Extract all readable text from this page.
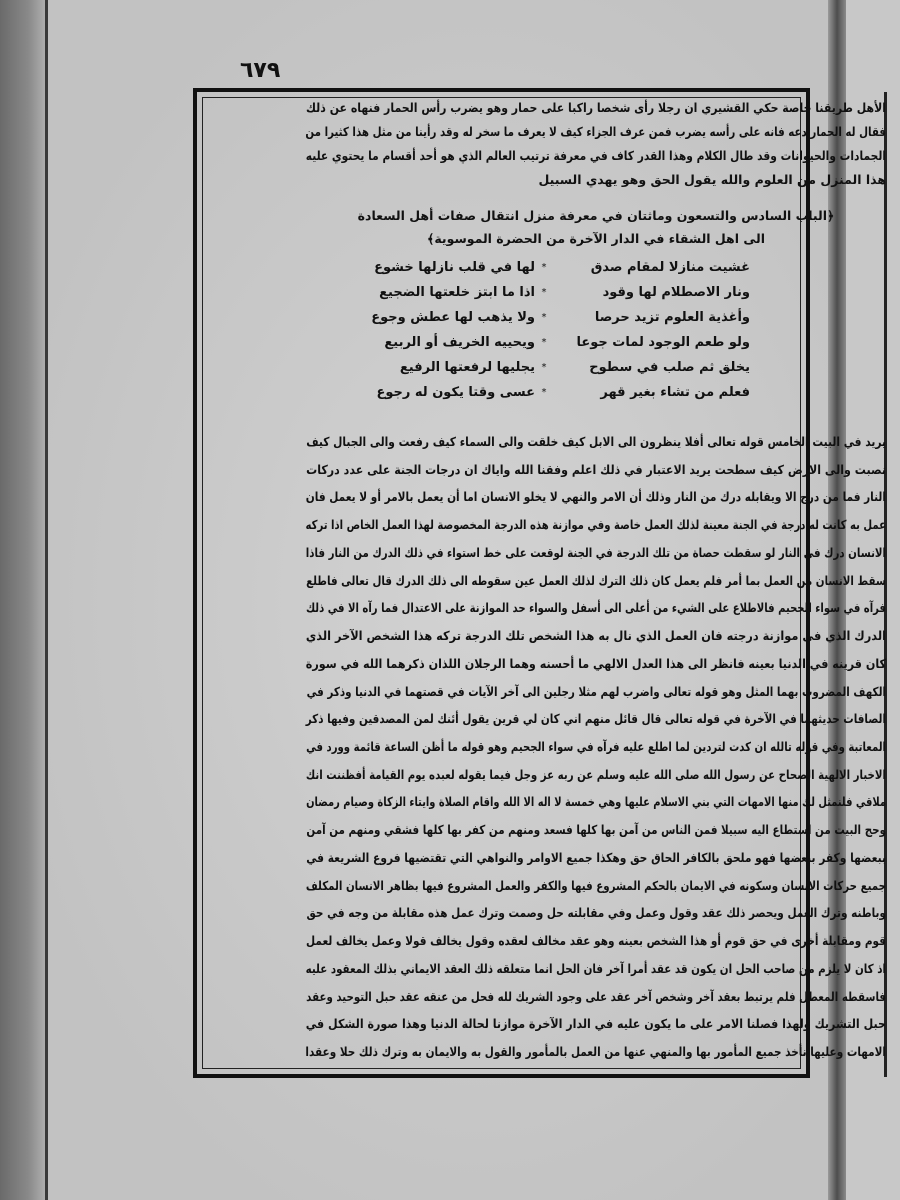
٦٧٩
الأهل طريقنا خاصة حكي القشيري ان رجلا رأى شخصا راكبا على حمار وهو يضرب رأس الحمار فنهاه عن ذلك
فقال له الحمار دعه فانه على رأسه يضرب فمن عرف الجزاء كيف لا يعرف ما سخر له وقد رأينا من مثل هذا كثيرا من
الجمادات والحيوانات وقد طال الكلام وهذا القدر كاف في معرفة ترتيب العالم الذي هو أحد أقسام ما يحتوي عليه
هذا المنزل من العلوم والله يقول الحق وهو يهدي السبيل
﴿الباب السادس والتسعون وماثتان في معرفة منزل انتقال صفات أهل السعادة
الى اهل الشقاء في الدار الآخرة من الحضرة الموسوية﴾
غشيت منازلا لمقام صدق
لها في قلب نازلها خشوع *
ونار الاصطلام لها وقود
اذا ما ابتز خلعتها الضجيع *
وأغذية العلوم تزيد حرصا
ولا يذهب لها عطش وجوع *
ولو طعم الوجود لمات جوعا
ويحييه الخريف أو الربيع *
يخلق ثم صلب في سطوح
يجليها لرفعتها الرفيع *
فعلم من تشاء بغير قهر
عسى وقتا يكون له رجوع *
يريد في البيت الخامس قوله تعالى أفلا ينظرون الى الابل كيف خلقت والى السماء كيف رفعت والى الجبال كيف
نصبت والى الارض كيف سطحت يريد الاعتبار في ذلك اعلم وفقنا الله واياك ان درجات الجنة على عدد دركات
النار فما من درج الا ويقابله درك من النار وذلك أن الامر والنهي لا يخلو الانسان اما أن يعمل بالامر أو لا يعمل فان
عمل به كانت له درجة في الجنة معينة لذلك العمل خاصة وفي موازنة هذه الدرجة المخصوصة لهذا العمل الخاص اذا تركه
الانسان درك في النار لو سقطت حصاة من تلك الدرجة في الجنة لوقعت على خط استواء في ذلك الدرك من النار فاذا
سقط الانسان من العمل بما أمر فلم يعمل كان ذلك الترك لذلك العمل عين سقوطه الى ذلك الدرك قال تعالى فاطلع
فرآه في سواء الجحيم فالاطلاع على الشيء من أعلى الى أسفل والسواء حد الموازنة على الاعتدال فما رآه الا في ذلك
الدرك الذي في موازنة درجته فان العمل الذي نال به هذا الشخص تلك الدرجة تركه هذا الشخص الآخر الذي
كان قرينه في الدنيا بعينه فانظر الى هذا العدل الالهي ما أحسنه وهما الرجلان اللذان ذكرهما الله في سورة
الكهف المضروب بهما المثل وهو قوله تعالى واضرب لهم مثلا رجلين الى آخر الآيات في قصتهما في الدنيا وذكر في
الصافات حديثهما في الآخرة في قوله تعالى قال قائل منهم اني كان لي قرين يقول أئنك لمن المصدقين وفيها ذكر
المعاتبة وفي قوله تالله ان كدت لتردين لما اطلع عليه فرآه في سواء الجحيم وهو قوله ما أظن الساعة قائمة وورد في
الاخبار الالهية الصحاح عن رسول الله صلى الله عليه وسلم عن ربه عز وجل فيما يقوله لعبده يوم القيامة أفظننت انك
ملاقي فلنمثل لك منها الامهات التي بني الاسلام عليها وهي خمسة لا اله الا الله واقام الصلاة وايتاء الزكاة وصيام رمضان
وحج البيت من استطاع اليه سبيلا فمن الناس من آمن بها كلها فسعد ومنهم من كفر بها كلها فشقي ومنهم من آمن
ببعضها وكفر ببعضها فهو ملحق بالكافر الحاق حق وهكذا جميع الاوامر والنواهي التي تقتضيها فروع الشريعة في
جميع حركات الانسان وسكونه في الايمان بالحكم المشروع فيها والكفر والعمل المشروع فيها بظاهر الانسان المكلف
وباطنه وترك العمل ويحصر ذلك عقد وقول وعمل وفي مقابلته حل وصمت وترك عمل هذه مقابلة من وجه في حق
قوم ومقابلة أخرى في حق قوم أو هذا الشخص بعينه وهو عقد مخالف لعقده وقول يخالف قولا وعمل يخالف لعمل
اذ كان لا يلزم من صاحب الحل ان يكون قد عقد أمرا آخر فان الحل انما متعلقه ذلك العقد الايماني بذلك المعقود عليه
فاسقطه المعطل فلم يرتبط بعقد آخر وشخص آخر عقد على وجود الشريك لله فحل من عنقه عقد حبل التوحيد وعقد
حبل التشريك ولهذا فصلنا الامر على ما يكون عليه في الدار الآخرة موازنا لحالة الدنيا وهذا صورة الشكل في
الامهات وعليها نأخذ جميع المأمور بها والمنهي عنها من العمل بالمأمور والقول به والايمان به وترك ذلك حلا وعقدا
